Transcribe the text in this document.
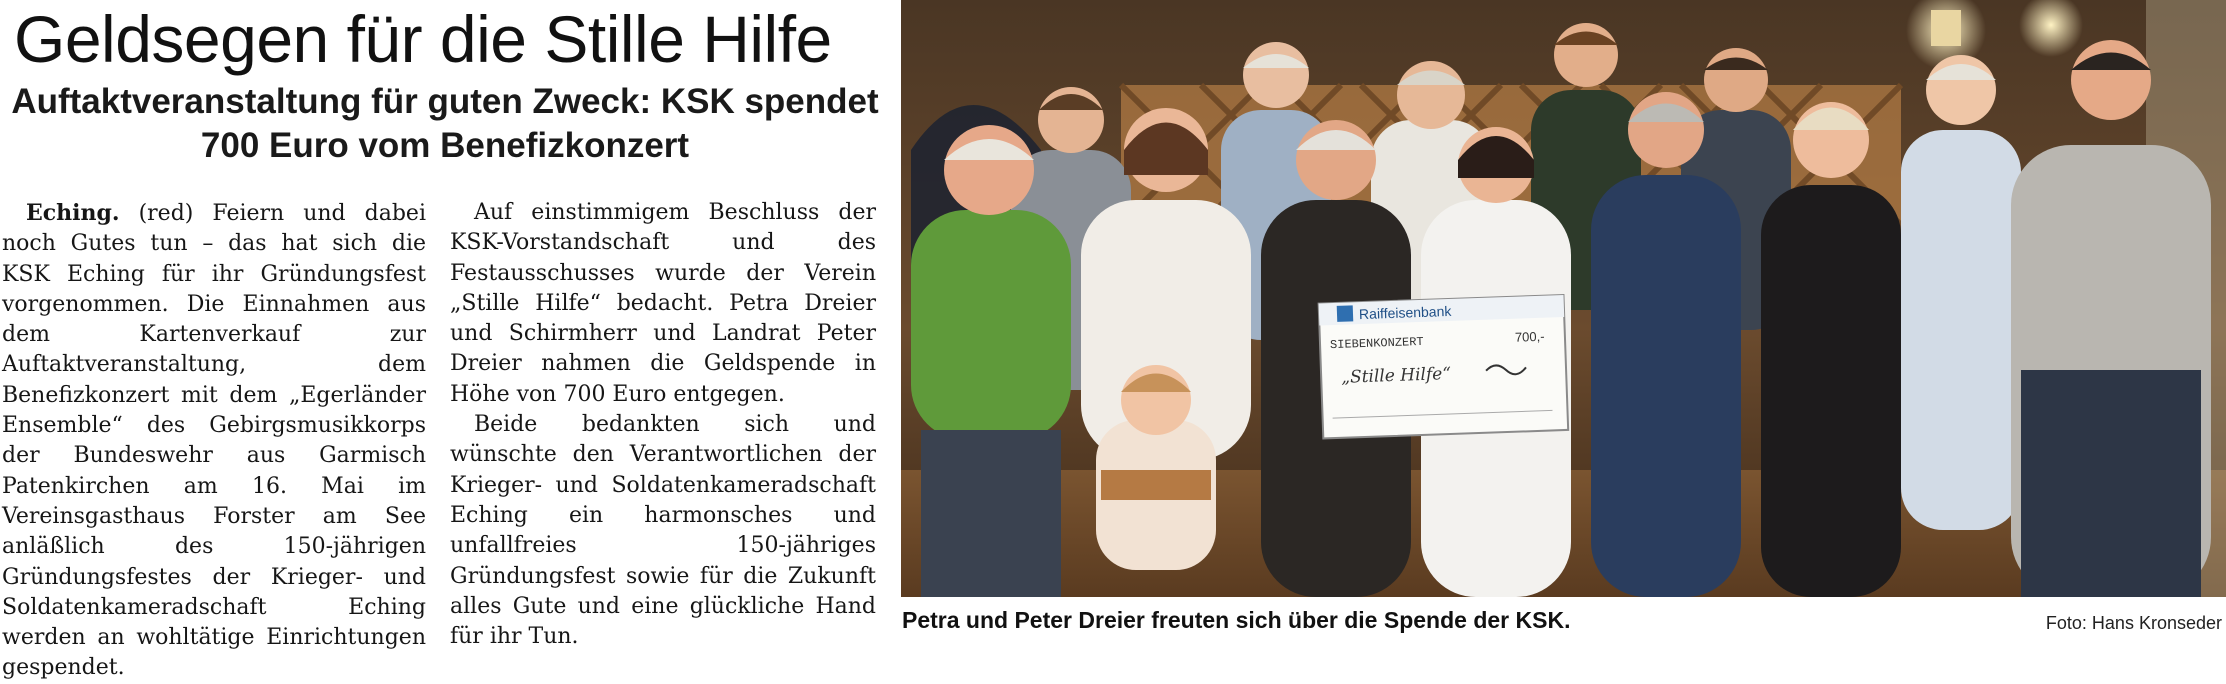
Geldsegen für die Stille Hilfe
Auftaktveranstaltung für guten Zweck: KSK spendet 700 Euro vom Benefizkonzert

Eching. (red) Feiern und dabei noch Gutes tun – das hat sich die KSK Eching für ihr Gründungsfest vorgenommen. Die Einnahmen aus dem Kartenverkauf zur Auftaktveranstaltung, dem Benefizkonzert mit dem „Egerländer Ensemble“ des Gebirgsmusikkorps der Bundeswehr aus Garmisch Patenkirchen am 16. Mai im Vereinsgasthaus Forster am See anläßlich des 150-jährigen Gründungsfestes der Krieger- und Soldatenkameradschaft Eching werden an wohltätige Einrichtungen gespendet.

Auf einstimmigem Beschluss der KSK-Vorstandschaft und des Festausschusses wurde der Verein „Stille Hilfe“ bedacht. Petra Dreier und Schirmherr und Landrat Peter Dreier nahmen die Geldspende in Höhe von 700 Euro entgegen.

Beide bedankten sich und wünschte den Verantwortlichen der Krieger- und Soldatenkameradschaft Eching ein harmonsches und unfallfreies 150-jähriges Gründungsfest sowie für die Zukunft alles Gute und eine glückliche Hand für ihr Tun.

Raiffeisenbank
SIEBENKONZERT	700,-
„Stille Hilfe“

Petra und Peter Dreier freuten sich über die Spende der KSK.	Foto: Hans Kronseder
